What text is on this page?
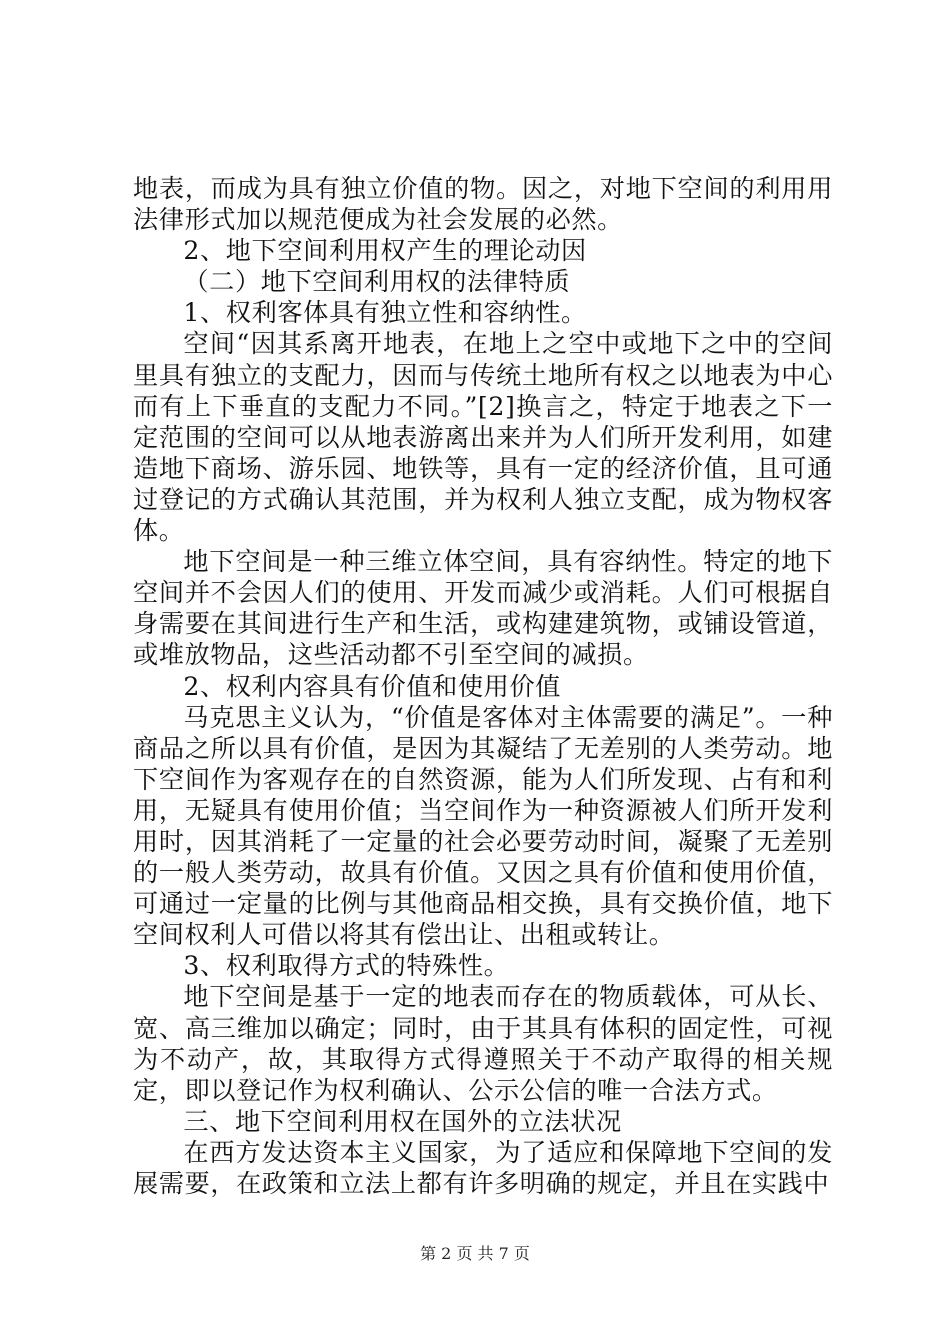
地表，而成为具有独立价值的物。因之，对地下空间的利用用法律形式加以规范便成为社会发展的必然。

2、地下空间利用权产生的理论动因

（二）地下空间利用权的法律特质

1、权利客体具有独立性和容纳性。

空间“因其系离开地表，在地上之空中或地下之中的空间里具有独立的支配力，因而与传统土地所有权之以地表为中心而有上下垂直的支配力不同。”[2]换言之，特定于地表之下一定范围的空间可以从地表游离出来并为人们所开发利用，如建造地下商场、游乐园、地铁等，具有一定的经济价值，且可通过登记的方式确认其范围，并为权利人独立支配，成为物权客体。

地下空间是一种三维立体空间，具有容纳性。特定的地下空间并不会因人们的使用、开发而减少或消耗。人们可根据自身需要在其间进行生产和生活，或构建建筑物，或铺设管道，或堆放物品，这些活动都不引至空间的减损。

2、权利内容具有价值和使用价值

马克思主义认为，“价值是客体对主体需要的满足”。一种商品之所以具有价值，是因为其凝结了无差别的人类劳动。地下空间作为客观存在的自然资源，能为人们所发现、占有和利用，无疑具有使用价值；当空间作为一种资源被人们所开发利用时，因其消耗了一定量的社会必要劳动时间，凝聚了无差别的一般人类劳动，故具有价值。又因之具有价值和使用价值，可通过一定量的比例与其他商品相交换，具有交换价值，地下空间权利人可借以将其有偿出让、出租或转让。

3、权利取得方式的特殊性。

地下空间是基于一定的地表而存在的物质载体，可从长、宽、高三维加以确定；同时，由于其具有体积的固定性，可视为不动产，故，其取得方式得遵照关于不动产取得的相关规定，即以登记作为权利确认、公示公信的唯一合法方式。

三、地下空间利用权在国外的立法状况

在西方发达资本主义国家，为了适应和保障地下空间的发展需要，在政策和立法上都有许多明确的规定，并且在实践中

第 2 页 共 7 页
